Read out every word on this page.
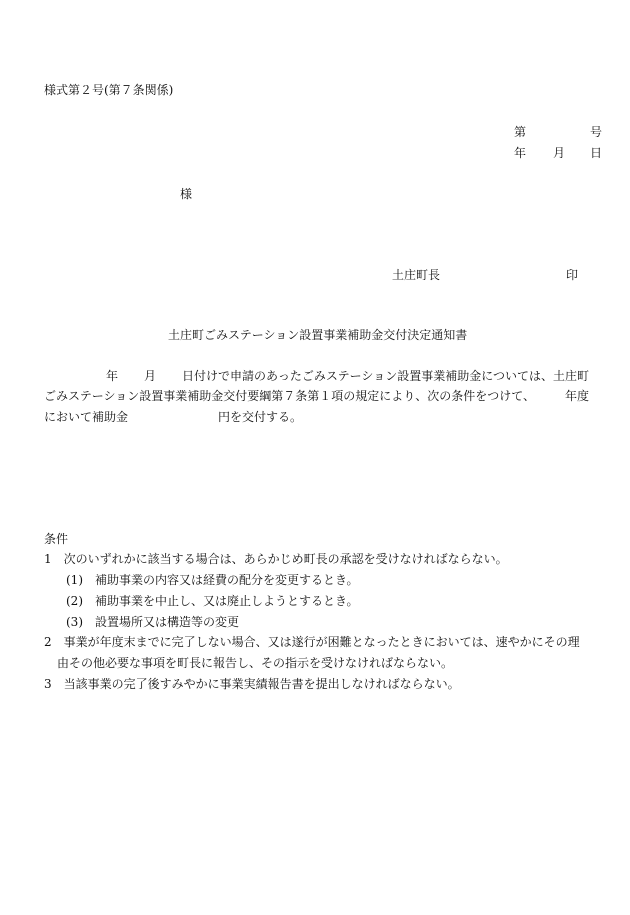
様式第２号(第７条関係)
第	号
年 月 日
様
土庄町長	印
土庄町ごみステーション設置事業補助金交付決定通知書
年 月 日付けで申請のあったごみステーション設置事業補助金については、土庄町
ごみステーション設置事業補助金交付要綱第７条第１項の規定により、次の条件をつけて、	年度
において補助金	円を交付する。
条件
1　次のいずれかに該当する場合は、あらかじめ町長の承認を受けなければならない。
(1)　補助事業の内容又は経費の配分を変更するとき。
(2)　補助事業を中止し、又は廃止しようとするとき。
(3)　設置場所又は構造等の変更
2　事業が年度末までに完了しない場合、又は遂行が困難となったときにおいては、速やかにその理
由その他必要な事項を町長に報告し、その指示を受けなければならない。
3　当該事業の完了後すみやかに事業実績報告書を提出しなければならない。
